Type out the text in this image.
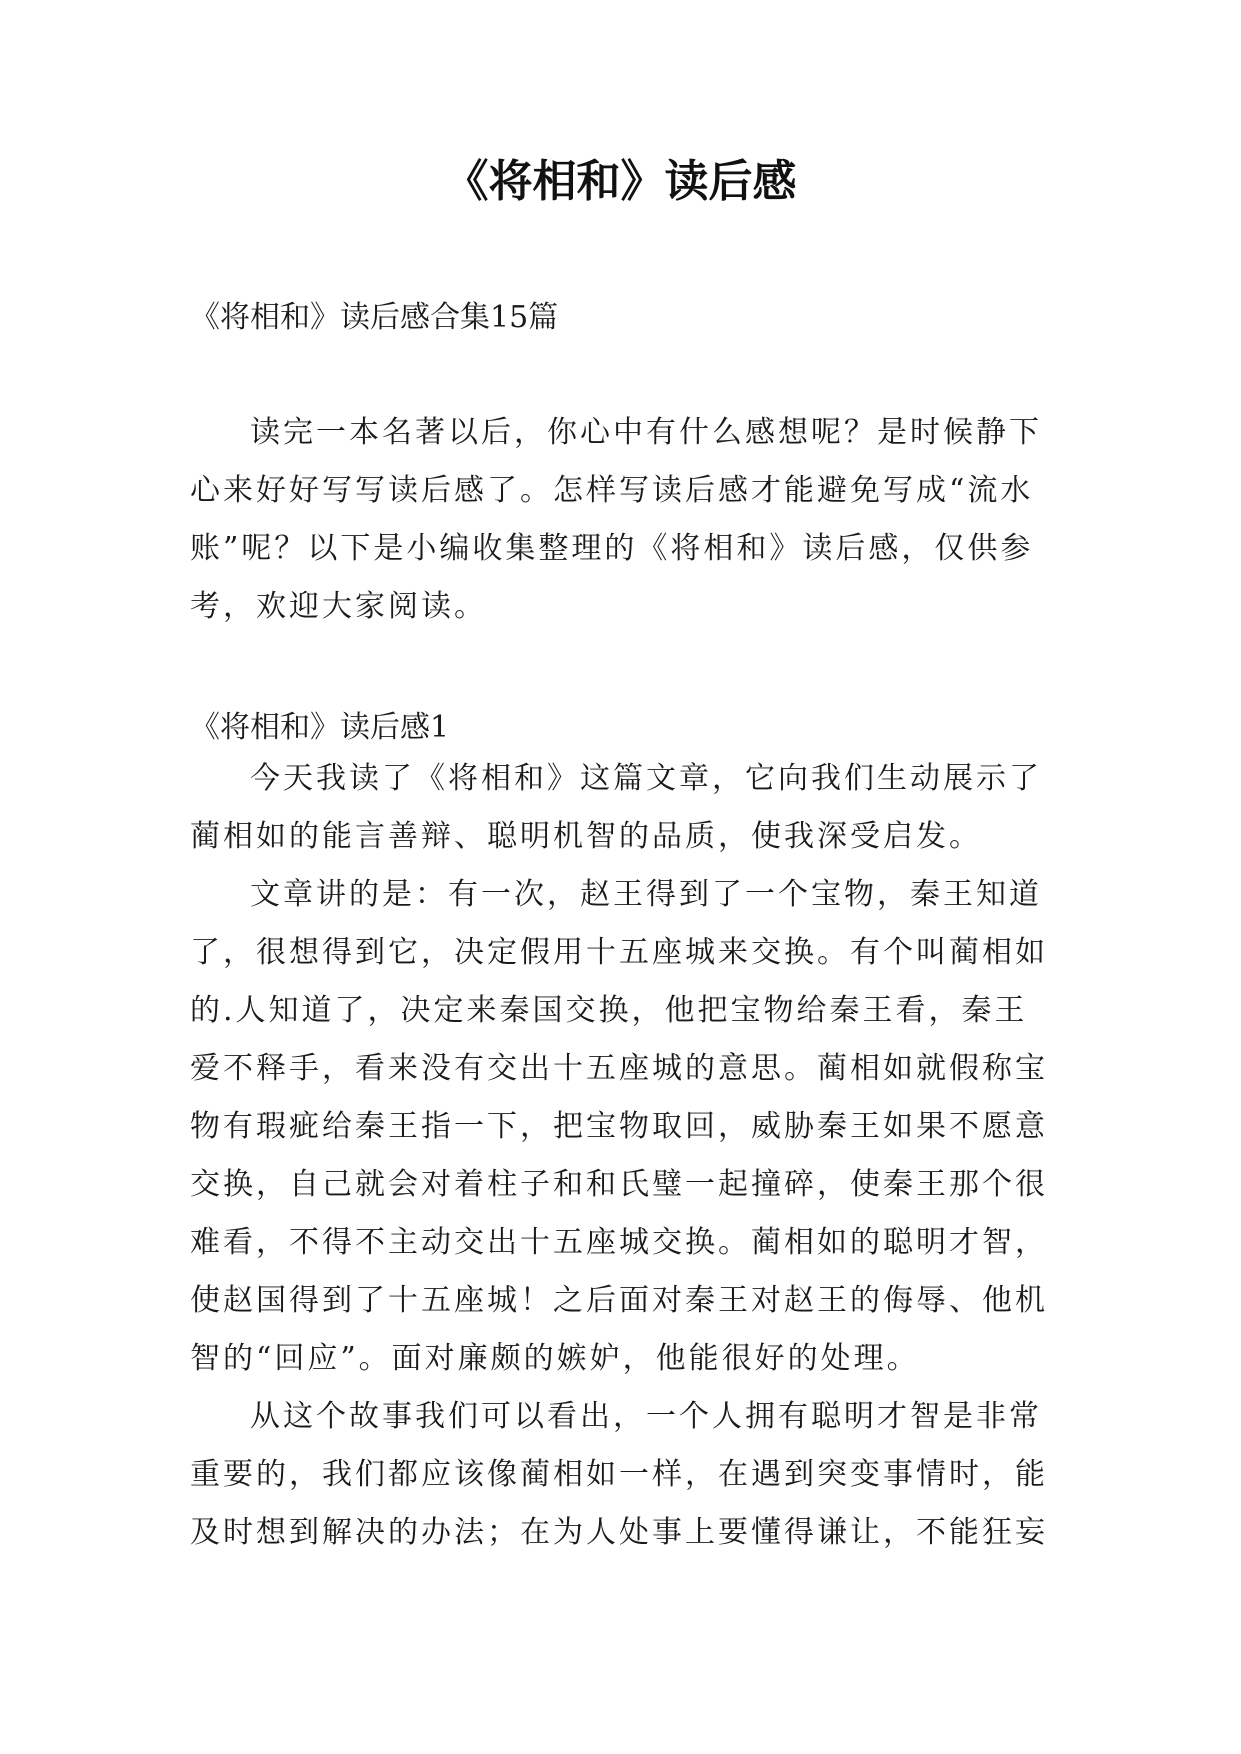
《将相和》读后感

《将相和》读后感合集15篇

读完一本名著以后，你心中有什么感想呢？是时候静下心来好好写写读后感了。怎样写读后感才能避免写成“流水账”呢？以下是小编收集整理的《将相和》读后感，仅供参考，欢迎大家阅读。

《将相和》读后感1

今天我读了《将相和》这篇文章，它向我们生动展示了蔺相如的能言善辩、聪明机智的品质，使我深受启发。

文章讲的是：有一次，赵王得到了一个宝物，秦王知道了，很想得到它，决定假用十五座城来交换。有个叫蔺相如的.人知道了，决定来秦国交换，他把宝物给秦王看，秦王爱不释手，看来没有交出十五座城的意思。蔺相如就假称宝物有瑕疵给秦王指一下，把宝物取回，威胁秦王如果不愿意交换，自己就会对着柱子和和氏璧一起撞碎，使秦王那个很难看，不得不主动交出十五座城交换。蔺相如的聪明才智，使赵国得到了十五座城！之后面对秦王对赵王的侮辱、他机智的“回应”。面对廉颇的嫉妒，他能很好的处理。

从这个故事我们可以看出，一个人拥有聪明才智是非常重要的，我们都应该像蔺相如一样，在遇到突变事情时，能及时想到解决的办法；在为人处事上要懂得谦让，不能狂妄
